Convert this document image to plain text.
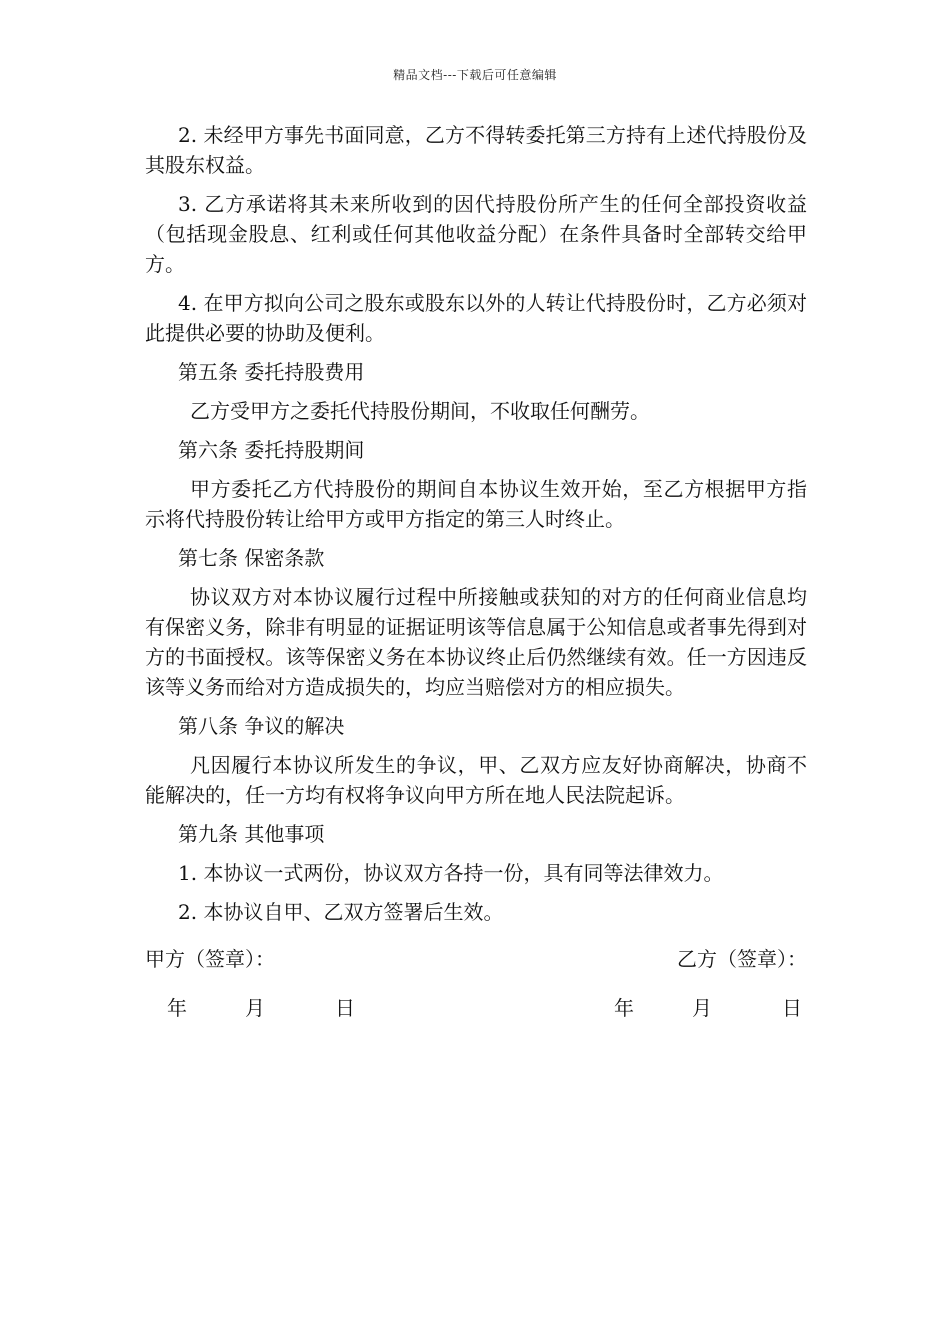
精品文档---下载后可任意编辑

2. 未经甲方事先书面同意，乙方不得转委托第三方持有上述代持股份及其股东权益。

3. 乙方承诺将其未来所收到的因代持股份所产生的任何全部投资收益（包括现金股息、红利或任何其他收益分配）在条件具备时全部转交给甲方。

4. 在甲方拟向公司之股东或股东以外的人转让代持股份时，乙方必须对此提供必要的协助及便利。

第五条 委托持股费用

乙方受甲方之委托代持股份期间，不收取任何酬劳。

第六条 委托持股期间

甲方委托乙方代持股份的期间自本协议生效开始，至乙方根据甲方指示将代持股份转让给甲方或甲方指定的第三人时终止。

第七条 保密条款

协议双方对本协议履行过程中所接触或获知的对方的任何商业信息均有保密义务，除非有明显的证据证明该等信息属于公知信息或者事先得到对方的书面授权。该等保密义务在本协议终止后仍然继续有效。任一方因违反该等义务而给对方造成损失的，均应当赔偿对方的相应损失。

第八条 争议的解决

凡因履行本协议所发生的争议，甲、乙双方应友好协商解决，协商不能解决的，任一方均有权将争议向甲方所在地人民法院起诉。

第九条 其他事项

1. 本协议一式两份，协议双方各持一份，具有同等法律效力。

2. 本协议自甲、乙双方签署后生效。

甲方（签章）：	乙方（签章）：
年	月	日	年	月	日
